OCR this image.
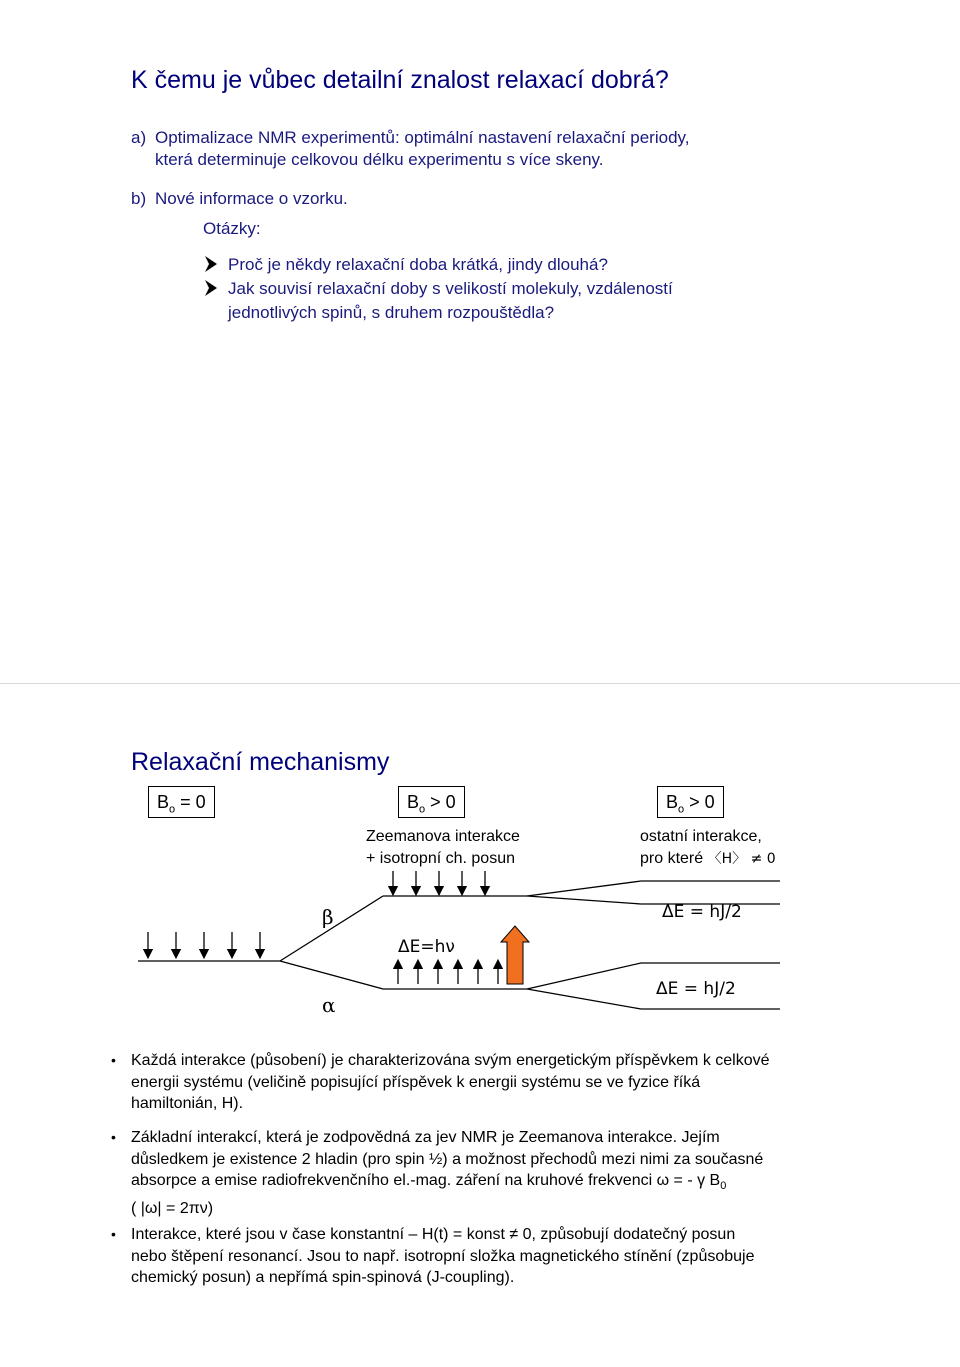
K čemu je vůbec detailní znalost relaxací dobrá?
a) Optimalizace NMR experimentů: optimální nastavení relaxační periody,
která determinuje celkovou délku experimentu s více skeny.
b) Nové informace o vzorku.
Otázky:
Proč je někdy relaxační doba krátká, jindy dlouhá?
Jak souvisí relaxační doby s velikostí molekuly, vzdáleností
jednotlivých spinů, s druhem rozpouštědla?
Relaxační mechanismy
$B_o = 0$	$B_o > 0$	$B_o > 0$
Zeemanova interakce
+ isotropní ch. posun
ostatní interakce,
pro které 〈H〉 ≠ 0
β
α
ΔE=hν
ΔE = hJ/2
ΔE = hJ/2
• Každá interakce (působení) je charakterizována svým energetickým příspěvkem k celkové
energii systému (veličině popisující příspěvek k energii systému se ve fyzice říká
hamiltonián, H).
• Základní interakcí, která je zodpovědná za jev NMR je Zeemanova interakce. Jejím
důsledkem je existence 2 hladin (pro spin ½) a možnost přechodů mezi nimi za současné
absorpce a emise radiofrekvenčního el.-mag. záření na kruhové frekvenci ω = - γ $B_0$
( |ω| = 2πν)
• Interakce, které jsou v čase konstantní – H(t) = konst ≠ 0, způsobují dodatečný posun
nebo štěpení resonancí. Jsou to např. isotropní složka magnetického stínění (způsobuje
chemický posun) a nepřímá spin-spinová (J-coupling).
